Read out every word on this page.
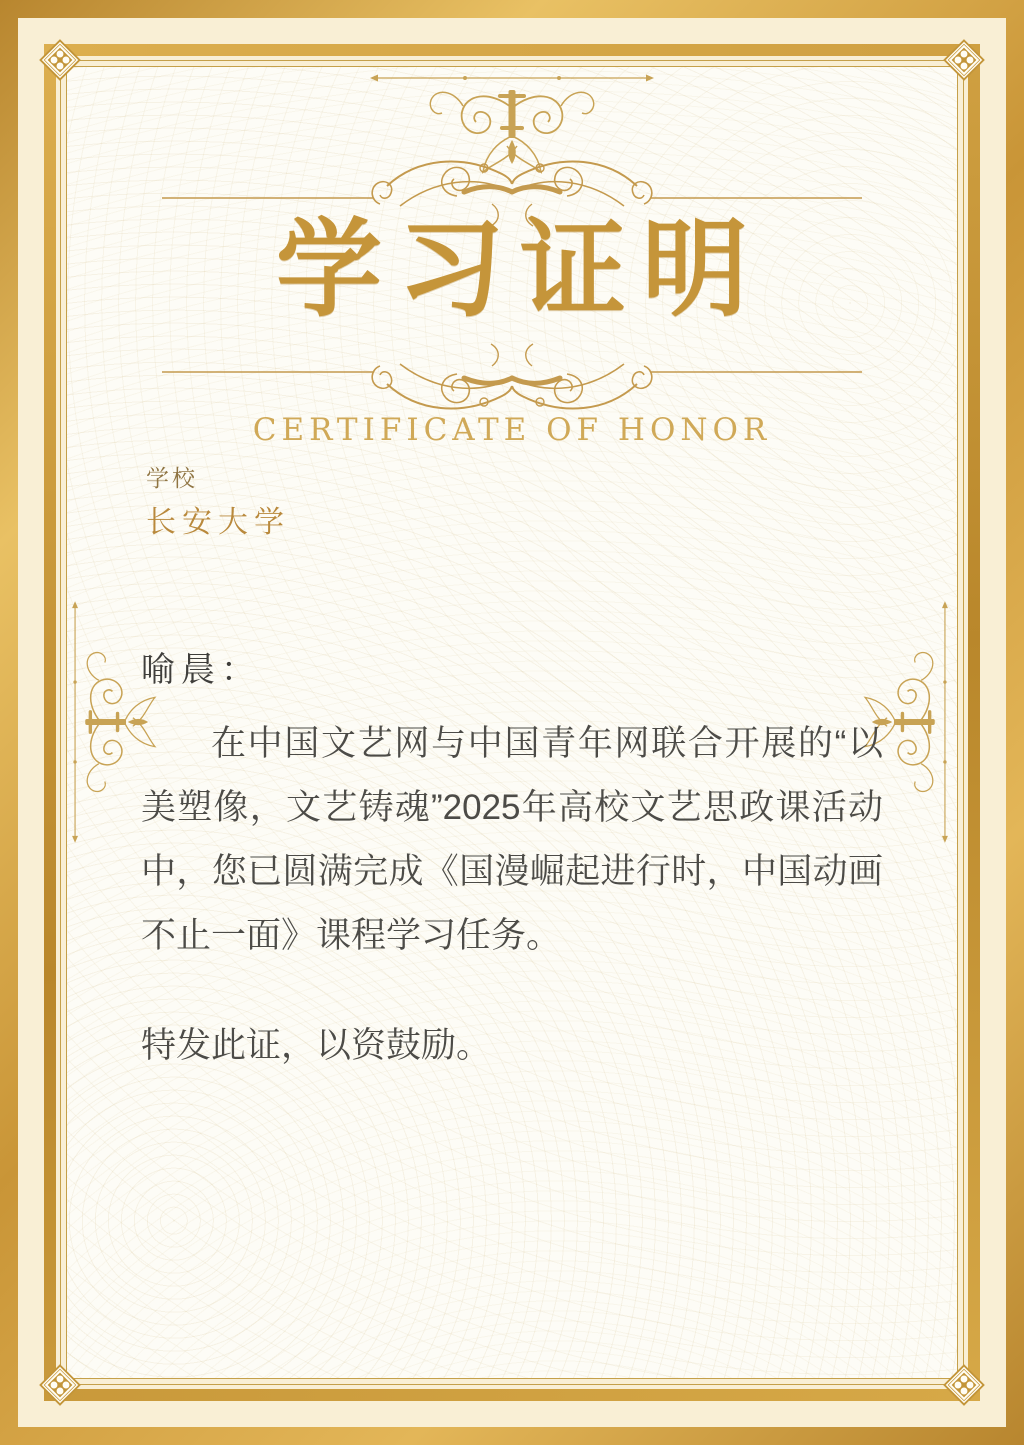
学习证明
CERTIFICATE OF HONOR
学校
长安大学
喻晨：
在中国文艺网与中国青年网联合开展的“以美塑像，文艺铸魂”2025年高校文艺思政课活动中，您已圆满完成《国漫崛起进行时，中国动画不止一面》课程学习任务。
特发此证，以资鼓励。
